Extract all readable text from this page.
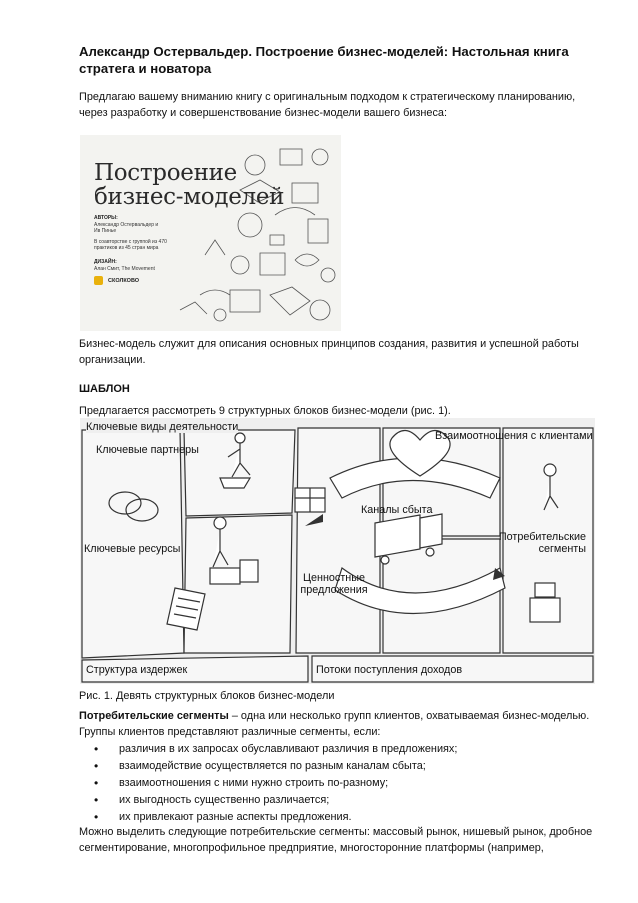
Александр Остервальдер. Построение бизнес-моделей: Настольная книга стратега и новатора
Предлагаю вашему вниманию книгу с оригинальным подходом к стратегическому планированию, через разработку и совершенствование бизнес-модели вашего бизнеса:
Построение
бизнес-моделей
АВТОРЫ:
Александр Остервальдер и Ив Пинье
В соавторстве с группой из 470 практиков из 45 стран мира
ДИЗАЙН:
Алан Смит, The Movement
СКОЛКОВО
Бизнес-модель служит для описания основных принципов создания, развития и успешной работы организации.
ШАБЛОН
Предлагается рассмотреть 9 структурных блоков бизнес-модели (рис. 1).
Ключевые виды деятельности
Ключевые партнеры
Ключевые ресурсы
Ценностные
предложения
Каналы сбыта
Взаимоотношения с клиентами
Потребительские
сегменты
Структура издержек	Потоки поступления доходов
Рис. 1. Девять структурных блоков бизнес-модели
Потребительские сегменты – одна или несколько групп клиентов, охватываемая бизнес-моделью. Группы клиентов представляют различные сегменты, если:
• различия в их запросах обуславливают различия в предложениях;
• взаимодействие осуществляется по разным каналам сбыта;
• взаимоотношения с ними нужно строить по-разному;
• их выгодность существенно различается;
• их привлекают разные аспекты предложения.
Можно выделить следующие потребительские сегменты: массовый рынок, нишевый рынок, дробное сегментирование, многопрофильное предприятие, многосторонние платформы (например,
